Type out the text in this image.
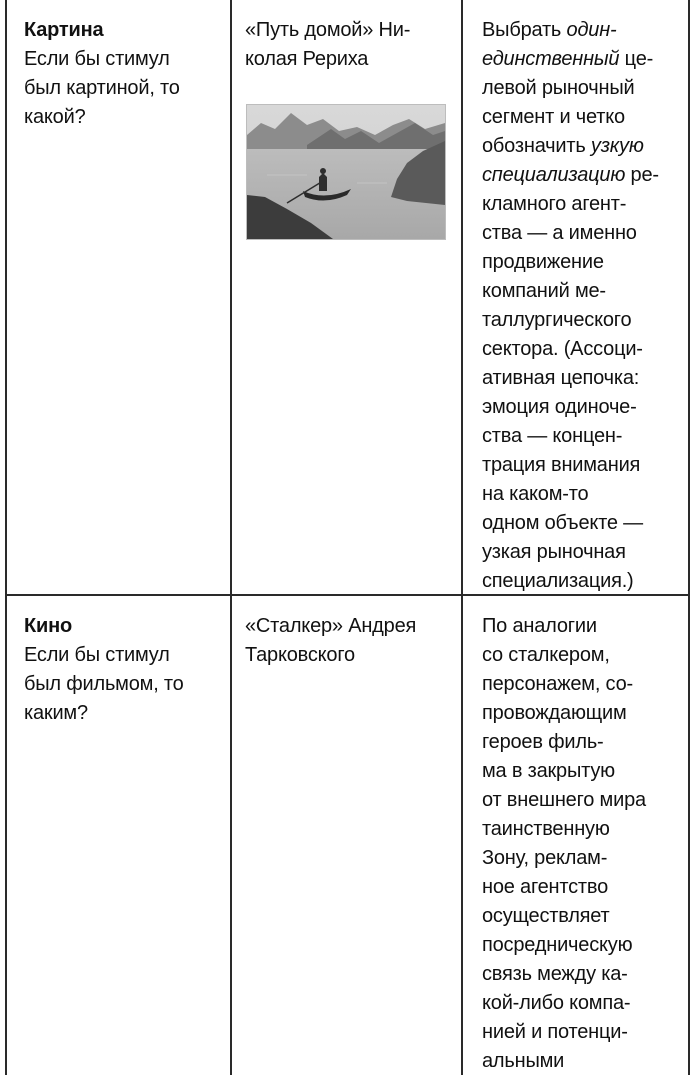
Картина
Если бы стимул
был картиной, то
какой?
«Путь домой» Ни-
колая Рериха
Выбрать один-
единственный це-
левой рыночный
сегмент и четко
обозначить узкую
специализацию ре-
кламного агент-
ства — а именно
продвижение
компаний ме-
таллургического
сектора. (Ассоци-
ативная цепочка:
эмоция одиноче-
ства — концен-
трация внимания
на каком-то
одном объекте —
узкая рыночная
специализация.)
Кино
Если бы стимул
был фильмом, то
каким?
«Сталкер» Андрея
Тарковского
По аналогии
со сталкером,
персонажем, со-
провождающим
героев филь-
ма в закрытую
от внешнего мира
таинственную
Зону, реклам-
ное агентство
осуществляет
посредническую
связь между ка-
кой-либо компа-
нией и потенци-
альными
